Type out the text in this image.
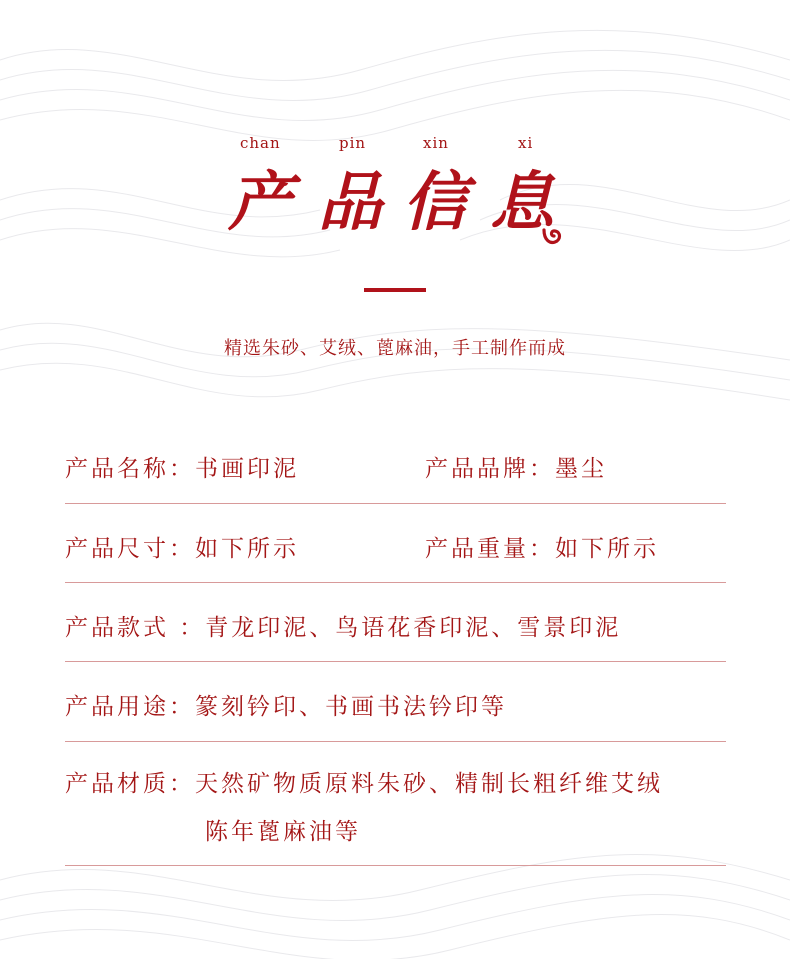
chan	pin	xin	xi
产 品 信 息
精选朱砂、艾绒、蓖麻油，手工制作而成
产品名称：书画印泥	产品品牌：墨尘
产品尺寸：如下所示	产品重量：如下所示
产品款式 ：青龙印泥、鸟语花香印泥、雪景印泥
产品用途：篆刻钤印、书画书法钤印等
产品材质：天然矿物质原料朱砂、精制长粗纤维艾绒
陈年蓖麻油等
